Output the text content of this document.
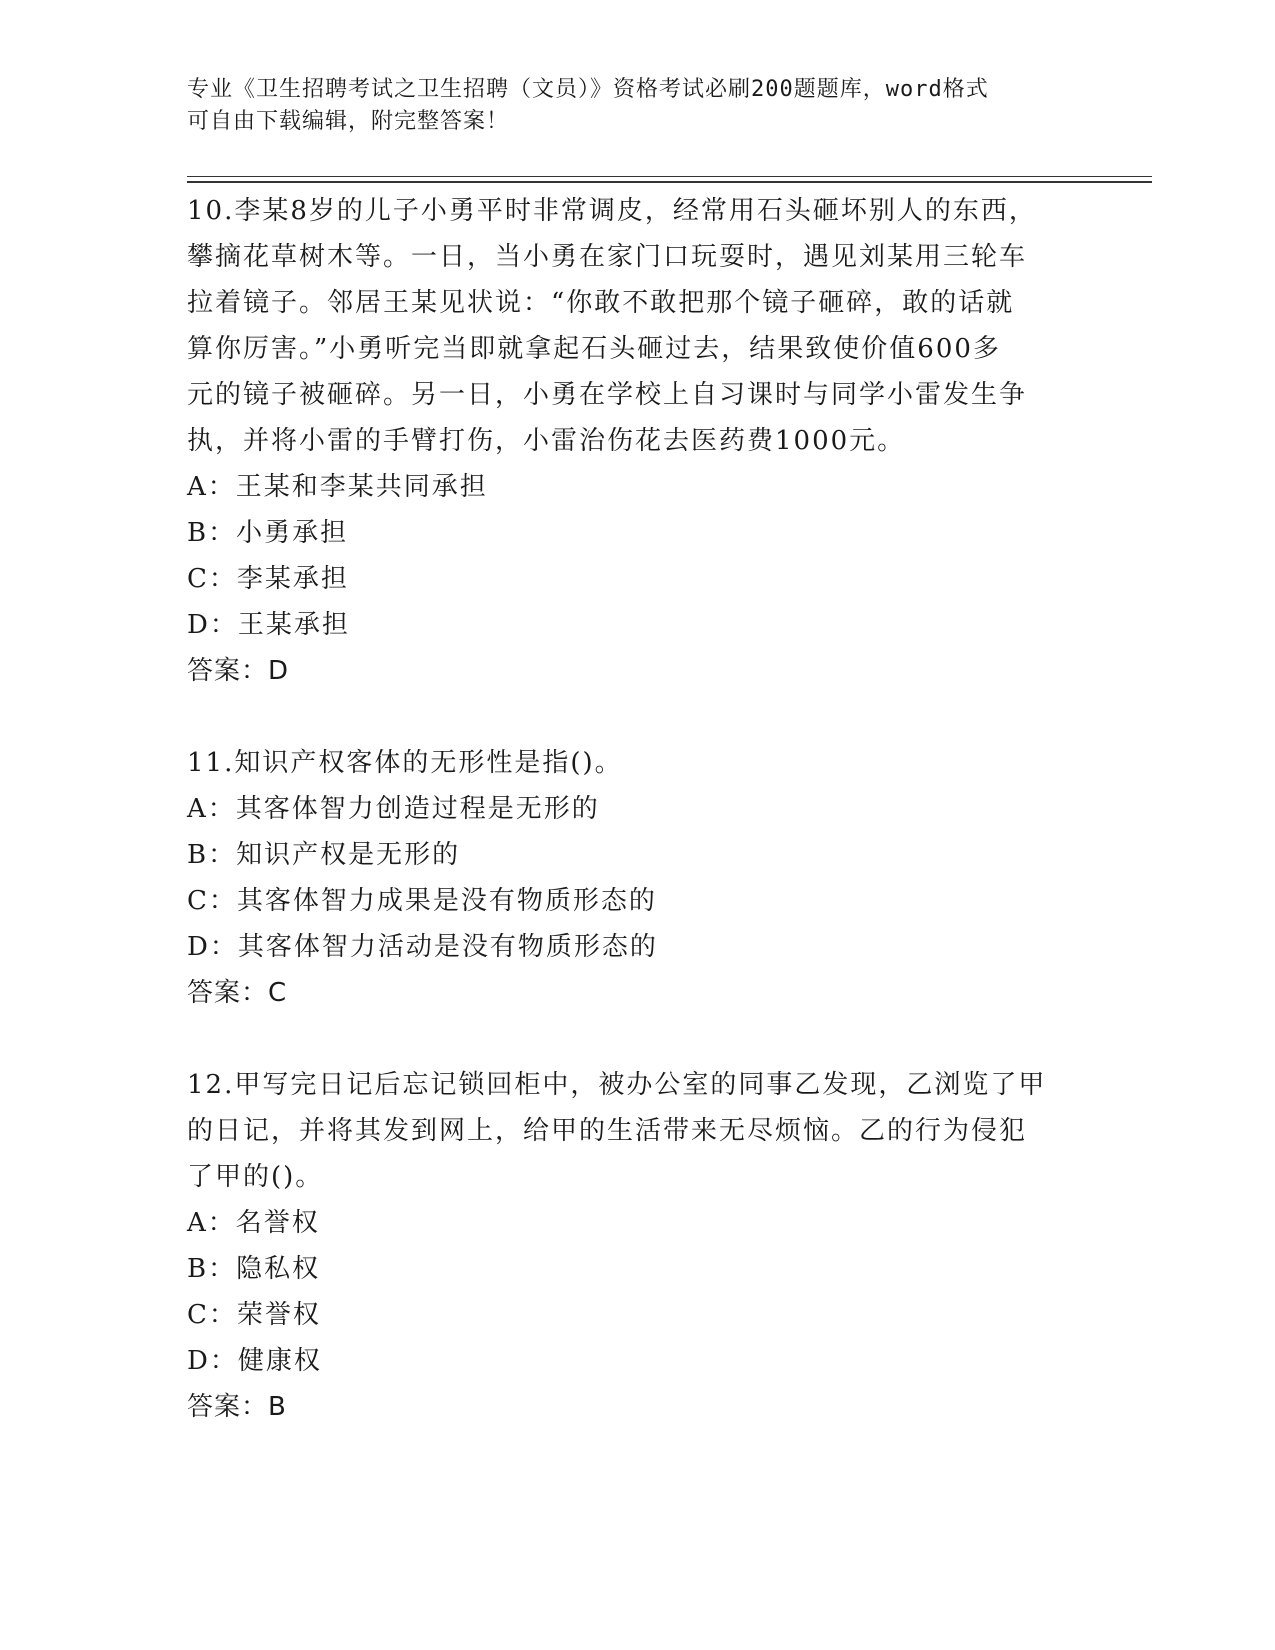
专业《卫生招聘考试之卫生招聘（文员）》资格考试必刷200题题库，word格式
可自由下载编辑，附完整答案！
10.李某8岁的儿子小勇平时非常调皮，经常用石头砸坏别人的东西，
攀摘花草树木等。一日，当小勇在家门口玩耍时，遇见刘某用三轮车
拉着镜子。邻居王某见状说：“你敢不敢把那个镜子砸碎，敢的话就
算你厉害。”小勇听完当即就拿起石头砸过去，结果致使价值600多
元的镜子被砸碎。另一日，小勇在学校上自习课时与同学小雷发生争
执，并将小雷的手臂打伤，小雷治伤花去医药费1000元。
A：王某和李某共同承担
B：小勇承担
C：李某承担
D：王某承担
答案：D
11.知识产权客体的无形性是指()。
A：其客体智力创造过程是无形的
B：知识产权是无形的
C：其客体智力成果是没有物质形态的
D：其客体智力活动是没有物质形态的
答案：C
12.甲写完日记后忘记锁回柜中，被办公室的同事乙发现，乙浏览了甲
的日记，并将其发到网上，给甲的生活带来无尽烦恼。乙的行为侵犯
了甲的()。
A：名誉权
B：隐私权
C：荣誉权
D：健康权
答案：B
